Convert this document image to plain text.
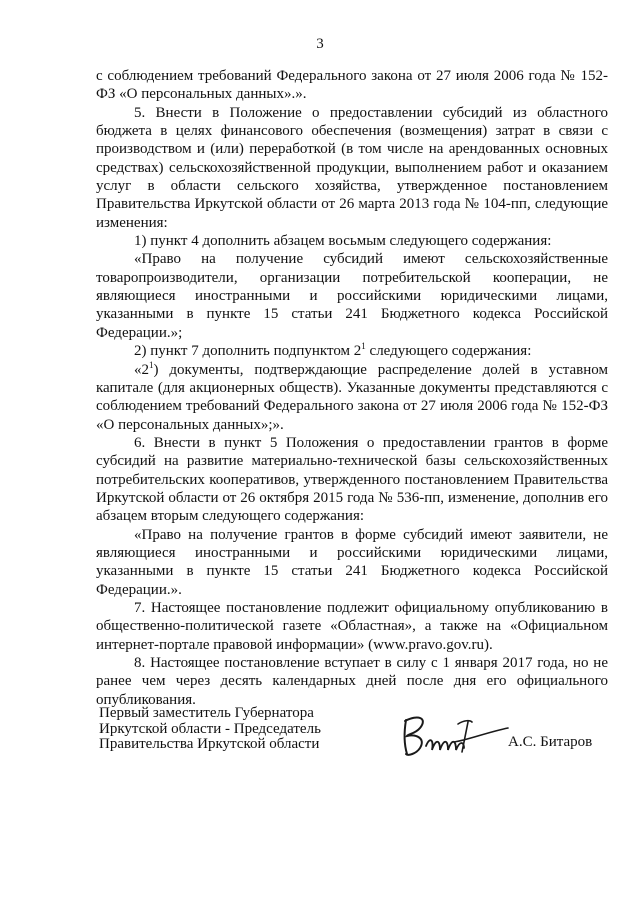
3

с соблюдением требований Федерального закона от 27 июля 2006 года № 152-ФЗ «О персональных данных».».

5. Внести в Положение о предоставлении субсидий из областного бюджета в целях финансового обеспечения (возмещения) затрат в связи с производством и (или) переработкой (в том числе на арендованных основных средствах) сельскохозяйственной продукции, выполнением работ и оказанием услуг в области сельского хозяйства, утвержденное постановлением Правительства Иркутской области от 26 марта 2013 года № 104-пп, следующие изменения:

1) пункт 4 дополнить абзацем восьмым следующего содержания:

«Право на получение субсидий имеют сельскохозяйственные товаропроизводители, организации потребительской кооперации, не являющиеся иностранными и российскими юридическими лицами, указанными в пункте 15 статьи 241 Бюджетного кодекса Российской Федерации.»;

2) пункт 7 дополнить подпунктом $2^1$ следующего содержания:

«$2^1$) документы, подтверждающие распределение долей в уставном капитале (для акционерных обществ). Указанные документы представляются с соблюдением требований Федерального закона от 27 июля 2006 года № 152-ФЗ «О персональных данных»;».

6. Внести в пункт 5 Положения о предоставлении грантов в форме субсидий на развитие материально-технической базы сельскохозяйственных потребительских кооперативов, утвержденного постановлением Правительства Иркутской области от 26 октября 2015 года № 536-пп, изменение, дополнив его абзацем вторым следующего содержания:

«Право на получение грантов в форме субсидий имеют заявители, не являющиеся иностранными и российскими юридическими лицами, указанными в пункте 15 статьи 241 Бюджетного кодекса Российской Федерации.».

7. Настоящее постановление подлежит официальному опубликованию в общественно-политической газете «Областная», а также на «Официальном интернет-портале правовой информации» (www.pravo.gov.ru).

8. Настоящее постановление вступает в силу с 1 января 2017 года, но не ранее чем через десять календарных дней после дня его официального опубликования.

Первый заместитель Губернатора
Иркутской области - Председатель
Правительства Иркутской области	А.С. Битаров
